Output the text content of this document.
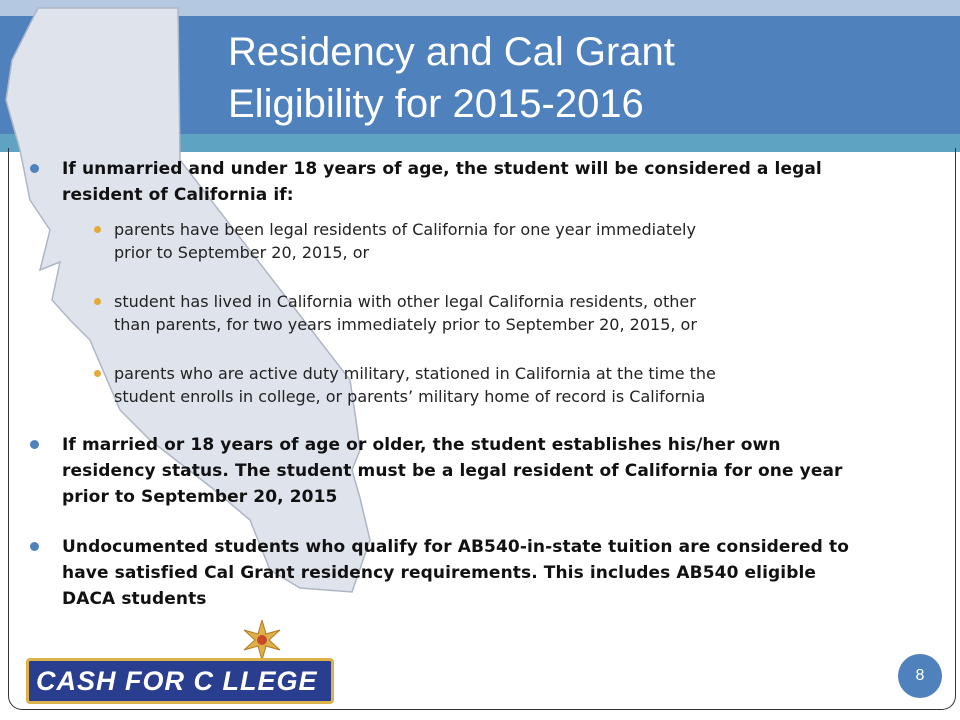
Residency and Cal Grant
Eligibility for 2015-2016
If unmarried and under 18 years of age, the student will be considered a legal
resident of California if:
parents have been legal residents of California for one year immediately
prior to September 20, 2015, or
student has lived in California with other legal California residents, other
than parents, for two years immediately prior to September 20, 2015, or
parents who are active duty military, stationed in California at the time the
student enrolls in college, or parents’ military home of record is California
If married or 18 years of age or older, the student establishes his/her own
residency status. The student must be a legal resident of California for one year
prior to September 20, 2015
Undocumented students who qualify for AB540-in-state tuition are considered to
have satisfied Cal Grant residency requirements. This includes AB540 eligible
DACA students
CASH FOR C LLEGE	8
